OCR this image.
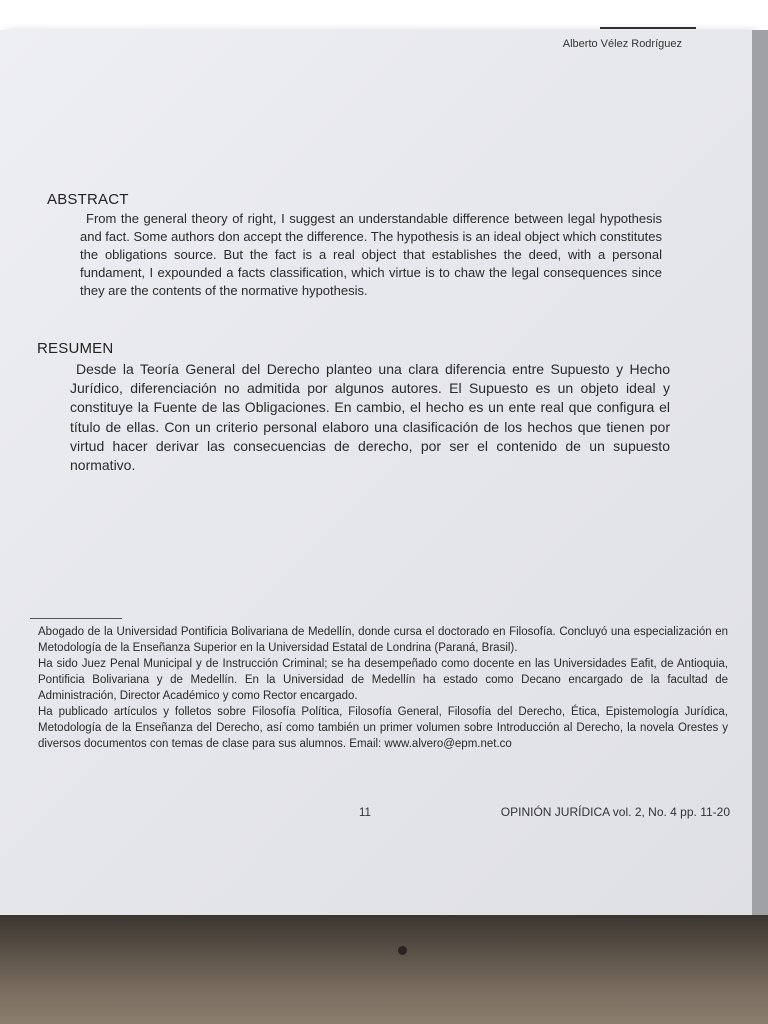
Alberto Vélez Rodríguez
ABSTRACT
From the general theory of right, I suggest an understandable difference between legal hypothesis and fact. Some authors don accept the difference. The hypothesis is an ideal object which constitutes the obligations source. But the fact is a real object that establishes the deed, with a personal fundament, I expounded a facts classification, which virtue is to chaw the legal consequences since they are the contents of the normative hypothesis.
RESUMEN
Desde la Teoría General del Derecho planteo una clara diferencia entre Supuesto y Hecho Jurídico, diferenciación no admitida por algunos autores. El Supuesto es un objeto ideal y constituye la Fuente de las Obligaciones. En cambio, el hecho es un ente real que configura el título de ellas. Con un criterio personal elaboro una clasificación de los hechos que tienen por virtud hacer derivar las consecuencias de derecho, por ser el contenido de un supuesto normativo.

Abogado de la Universidad Pontificia Bolivariana de Medellín, donde cursa el doctorado en Filosofía. Concluyó una especialización en Metodología de la Enseñanza Superior en la Universidad Estatal de Londrina (Paraná, Brasil).

Ha sido Juez Penal Municipal y de Instrucción Criminal; se ha desempeñado como docente en las Universidades Eafit, de Antioquia, Pontificia Bolivariana y de Medellín. En la Universidad de Medellín ha estado como Decano encargado de la facultad de Administración, Director Académico y como Rector encargado.

Ha publicado artículos y folletos sobre Filosofía Política, Filosofía General, Filosofía del Derecho, Ética, Epistemología Jurídica, Metodología de la Enseñanza del Derecho, así como también un primer volumen sobre Introducción al Derecho, la novela Orestes y diversos documentos con temas de clase para sus alumnos. Email: www.alvero@epm.net.co

11	OPINIÓN JURÍDICA vol. 2, No. 4 pp. 11-20
